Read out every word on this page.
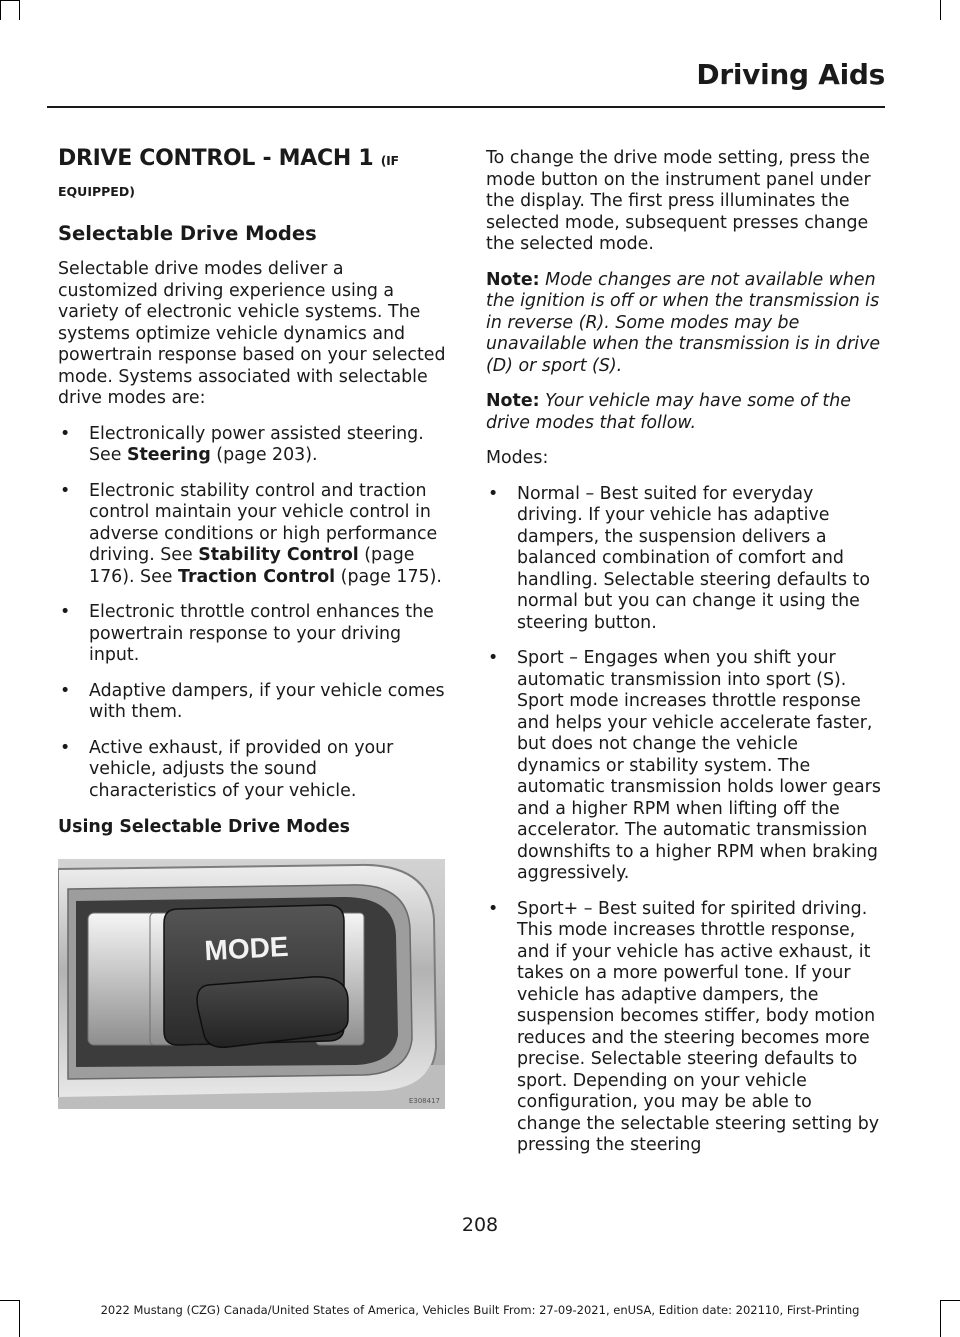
Driving Aids
DRIVE CONTROL - MACH 1 (IF
EQUIPPED)
Selectable Drive Modes

Selectable drive modes deliver a customized driving experience using a variety of electronic vehicle systems. The systems optimize vehicle dynamics and powertrain response based on your selected mode. Systems associated with selectable drive modes are:

• Electronically power assisted steering. See Steering (page 203).
• Electronic stability control and traction control maintain your vehicle control in adverse conditions or high performance driving. See Stability Control (page 176). See Traction Control (page 175).
• Electronic throttle control enhances the powertrain response to your driving input.
• Adaptive dampers, if your vehicle comes with them.
• Active exhaust, if provided on your vehicle, adjusts the sound characteristics of your vehicle.
Using Selectable Drive Modes
MODE
E308417

To change the drive mode setting, press the mode button on the instrument panel under the display. The first press illuminates the selected mode, subsequent presses change the selected mode.

Note: Mode changes are not available when the ignition is off or when the transmission is in reverse (R). Some modes may be unavailable when the transmission is in drive (D) or sport (S).

Note: Your vehicle may have some of the drive modes that follow.

Modes:

• Normal – Best suited for everyday driving. If your vehicle has adaptive dampers, the suspension delivers a balanced combination of comfort and handling. Selectable steering defaults to normal but you can change it using the steering button.
• Sport – Engages when you shift your automatic transmission into sport (S). Sport mode increases throttle response and helps your vehicle accelerate faster, but does not change the vehicle dynamics or stability system. The automatic transmission holds lower gears and a higher RPM when lifting off the accelerator. The automatic transmission downshifts to a higher RPM when braking aggressively.
• Sport+ – Best suited for spirited driving. This mode increases throttle response, and if your vehicle has active exhaust, it takes on a more powerful tone. If your vehicle has adaptive dampers, the suspension becomes stiffer, body motion reduces and the steering becomes more precise. Selectable steering defaults to sport. Depending on your vehicle configuration, you may be able to change the selectable steering setting by pressing the steering
208
2022 Mustang (CZG) Canada/United States of America, Vehicles Built From: 27-09-2021, enUSA, Edition date: 202110, First-Printing
